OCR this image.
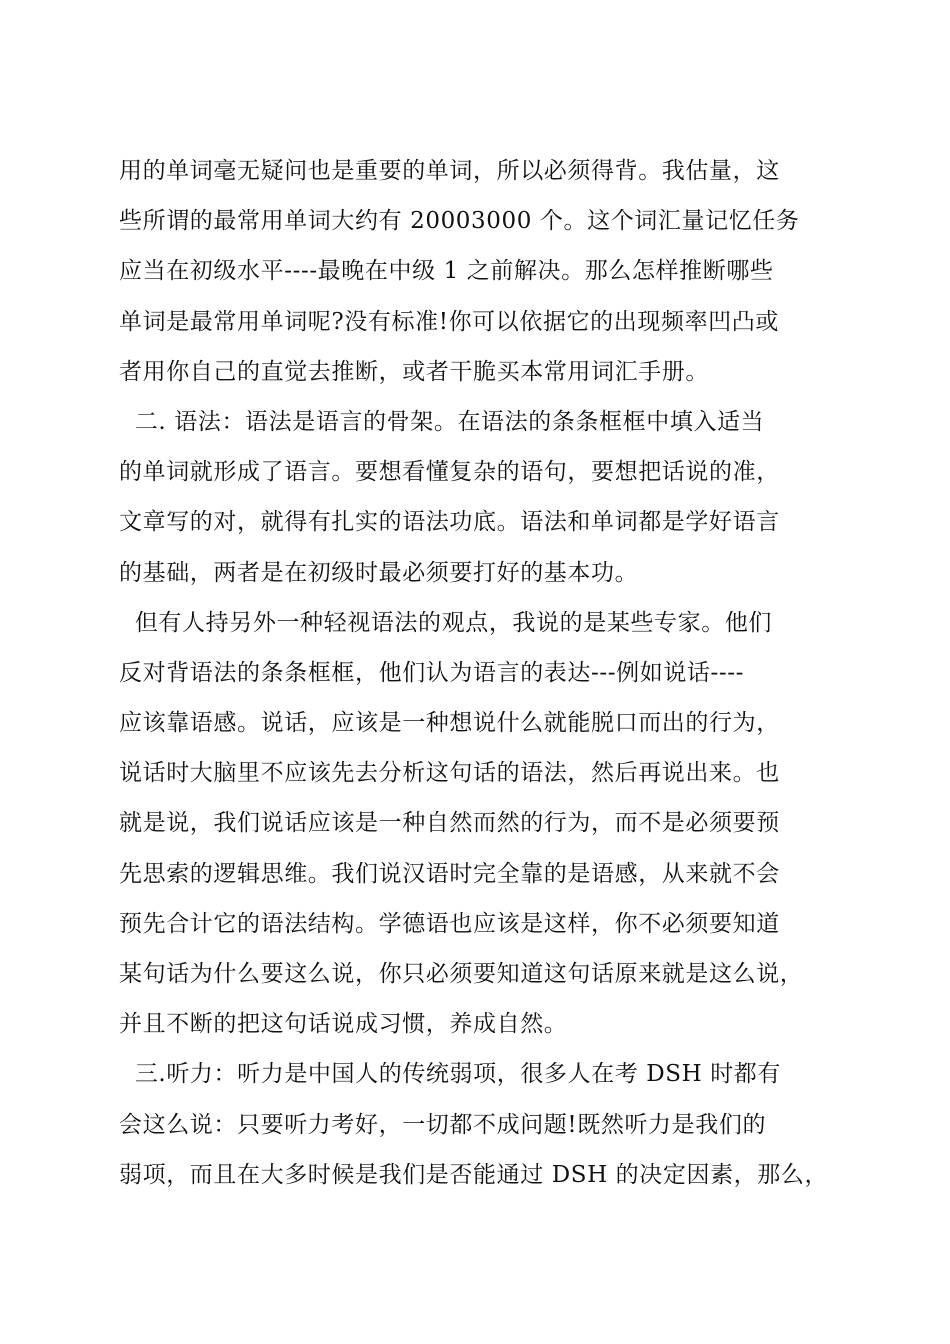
用的单词毫无疑问也是重要的单词，所以必须得背。我估量，这
些所谓的最常用单词大约有 20003000 个。这个词汇量记忆任务
应当在初级水平----最晚在中级 1 之前解决。那么怎样推断哪些
单词是最常用单词呢?没有标准!你可以依据它的出现频率凹凸或
者用你自己的直觉去推断，或者干脆买本常用词汇手册。
二. 语法：语法是语言的骨架。在语法的条条框框中填入适当
的单词就形成了语言。要想看懂复杂的语句，要想把话说的准，
文章写的对，就得有扎实的语法功底。语法和单词都是学好语言
的基础，两者是在初级时最必须要打好的基本功。
但有人持另外一种轻视语法的观点，我说的是某些专家。他们
反对背语法的条条框框，他们认为语言的表达---例如说话----
应该靠语感。说话，应该是一种想说什么就能脱口而出的行为，
说话时大脑里不应该先去分析这句话的语法，然后再说出来。也
就是说，我们说话应该是一种自然而然的行为，而不是必须要预
先思索的逻辑思维。我们说汉语时完全靠的是语感，从来就不会
预先合计它的语法结构。学德语也应该是这样，你不必须要知道
某句话为什么要这么说，你只必须要知道这句话原来就是这么说，
并且不断的把这句话说成习惯，养成自然。
三.听力：听力是中国人的传统弱项，很多人在考 DSH 时都有
会这么说：只要听力考好，一切都不成问题!既然听力是我们的
弱项，而且在大多时候是我们是否能通过 DSH 的决定因素，那么，
